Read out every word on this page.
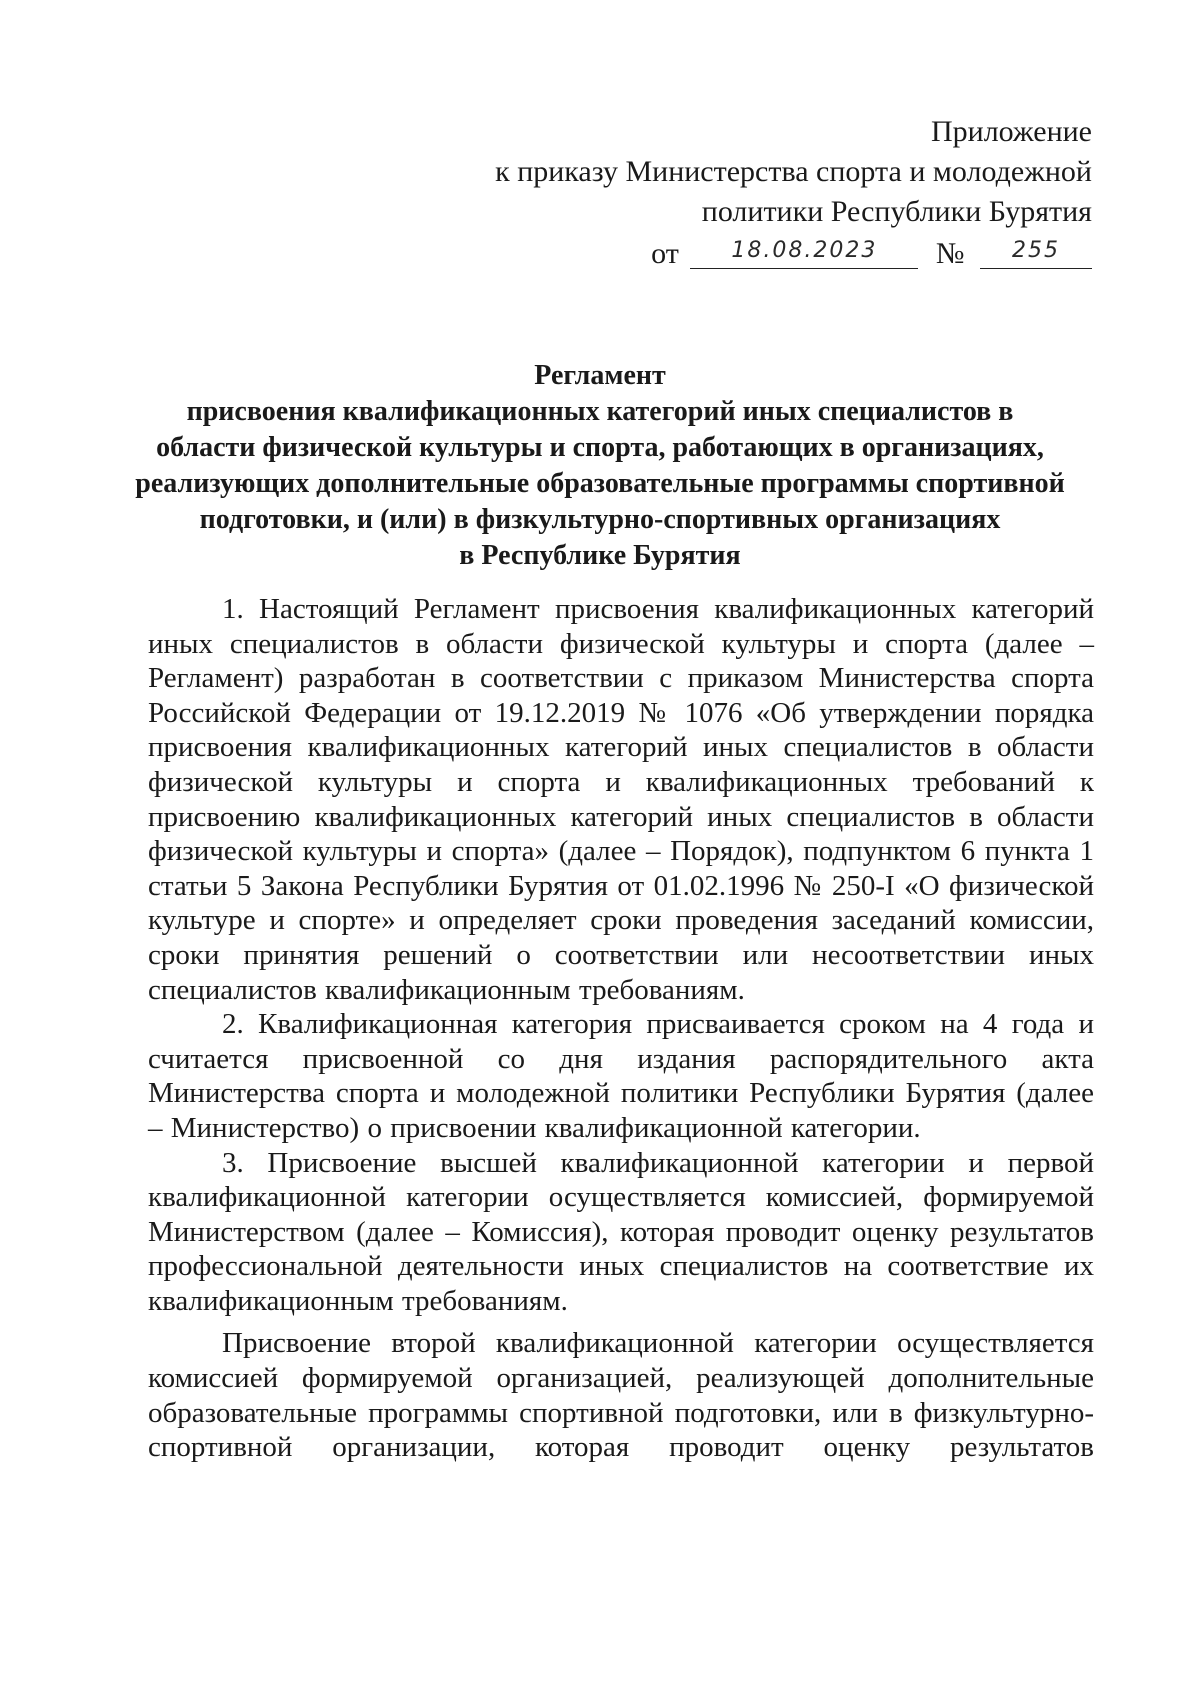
Приложение
к приказу Министерства спорта и молодежной
политики Республики Бурятия
от $^{18.08.2023}$ № $^{255}$
Регламент
присвоения квалификационных категорий иных специалистов в
области физической культуры и спорта, работающих в организациях,
реализующих дополнительные образовательные программы спортивной
подготовки, и (или) в физкультурно-спортивных организациях
в Республике Бурятия

1. Настоящий Регламент присвоения квалификационных категорий иных специалистов в области физической культуры и спорта (далее – Регламент) разработан в соответствии с приказом Министерства спорта Российской Федерации от 19.12.2019 № 1076 «Об утверждении порядка присвоения квалификационных категорий иных специалистов в области физической культуры и спорта и квалификационных требований к присвоению квалификационных категорий иных специалистов в области физической культуры и спорта» (далее – Порядок), подпунктом 6 пункта 1 статьи 5 Закона Республики Бурятия от 01.02.1996 № 250-I «О физической культуре и спорте» и определяет сроки проведения заседаний комиссии, сроки принятия решений о соответствии или несоответствии иных специалистов квалификационным требованиям.

2. Квалификационная категория присваивается сроком на 4 года и считается присвоенной со дня издания распорядительного акта Министерства спорта и молодежной политики Республики Бурятия (далее – Министерство) о присвоении квалификационной категории.

3. Присвоение высшей квалификационной категории и первой квалификационной категории осуществляется комиссией, формируемой Министерством (далее – Комиссия), которая проводит оценку результатов профессиональной деятельности иных специалистов на соответствие их квалификационным требованиям.

Присвоение второй квалификационной категории осуществляется комиссией формируемой организацией, реализующей дополнительные образовательные программы спортивной подготовки, или в физкультурно-спортивной организации, которая проводит оценку результатов
